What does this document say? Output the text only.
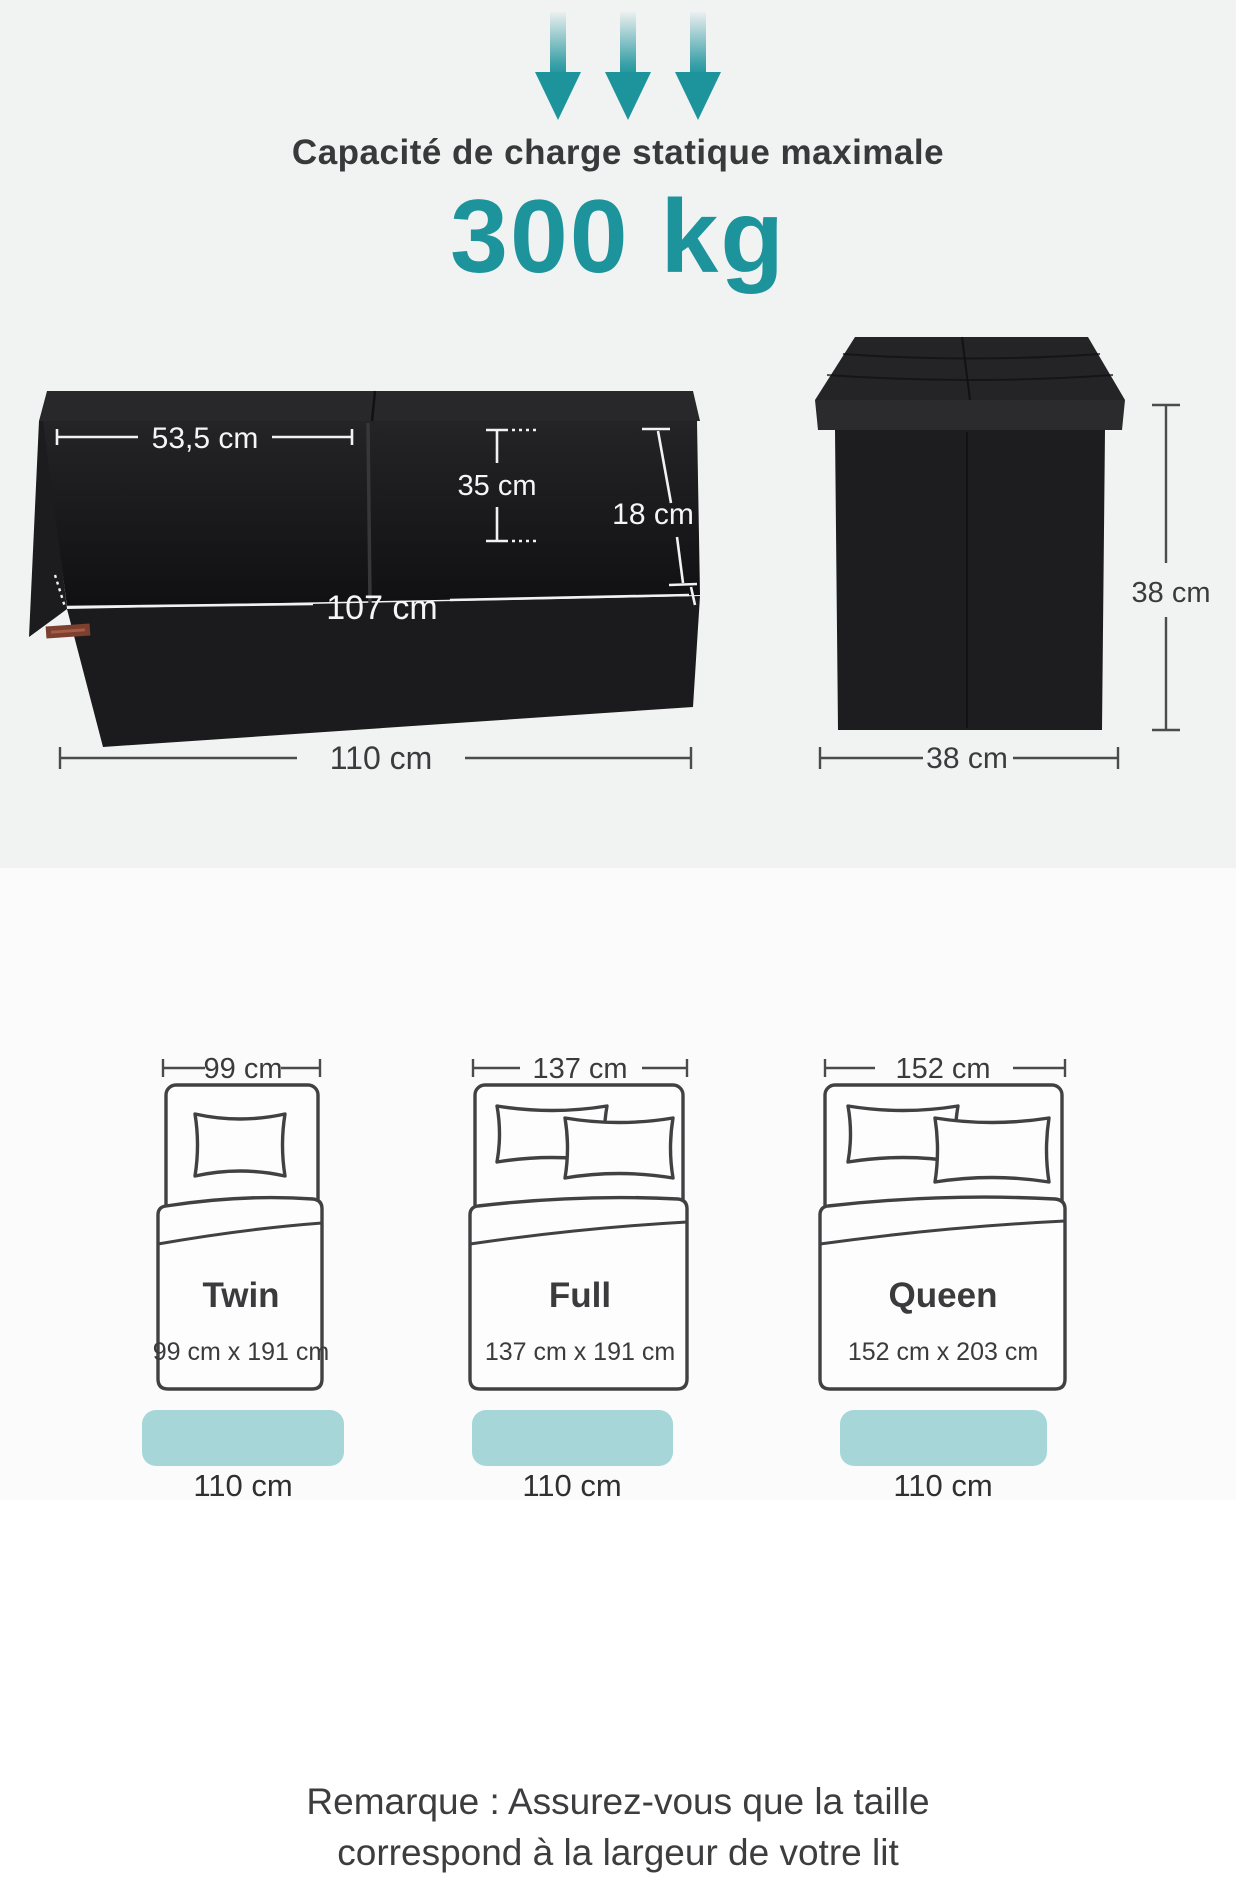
Capacité de charge statique maximale
300 kg
53,5 cm
35 cm
18 cm
107 cm
110 cm
38 cm
38 cm
Remarque : Assurez-vous que la taille
correspond à la largeur de votre lit
99 cm
Twin
99 cm x 191 cm
137 cm
Full
137 cm x 191 cm
152 cm
Queen
152 cm x 203 cm
110 cm	110 cm	110 cm
